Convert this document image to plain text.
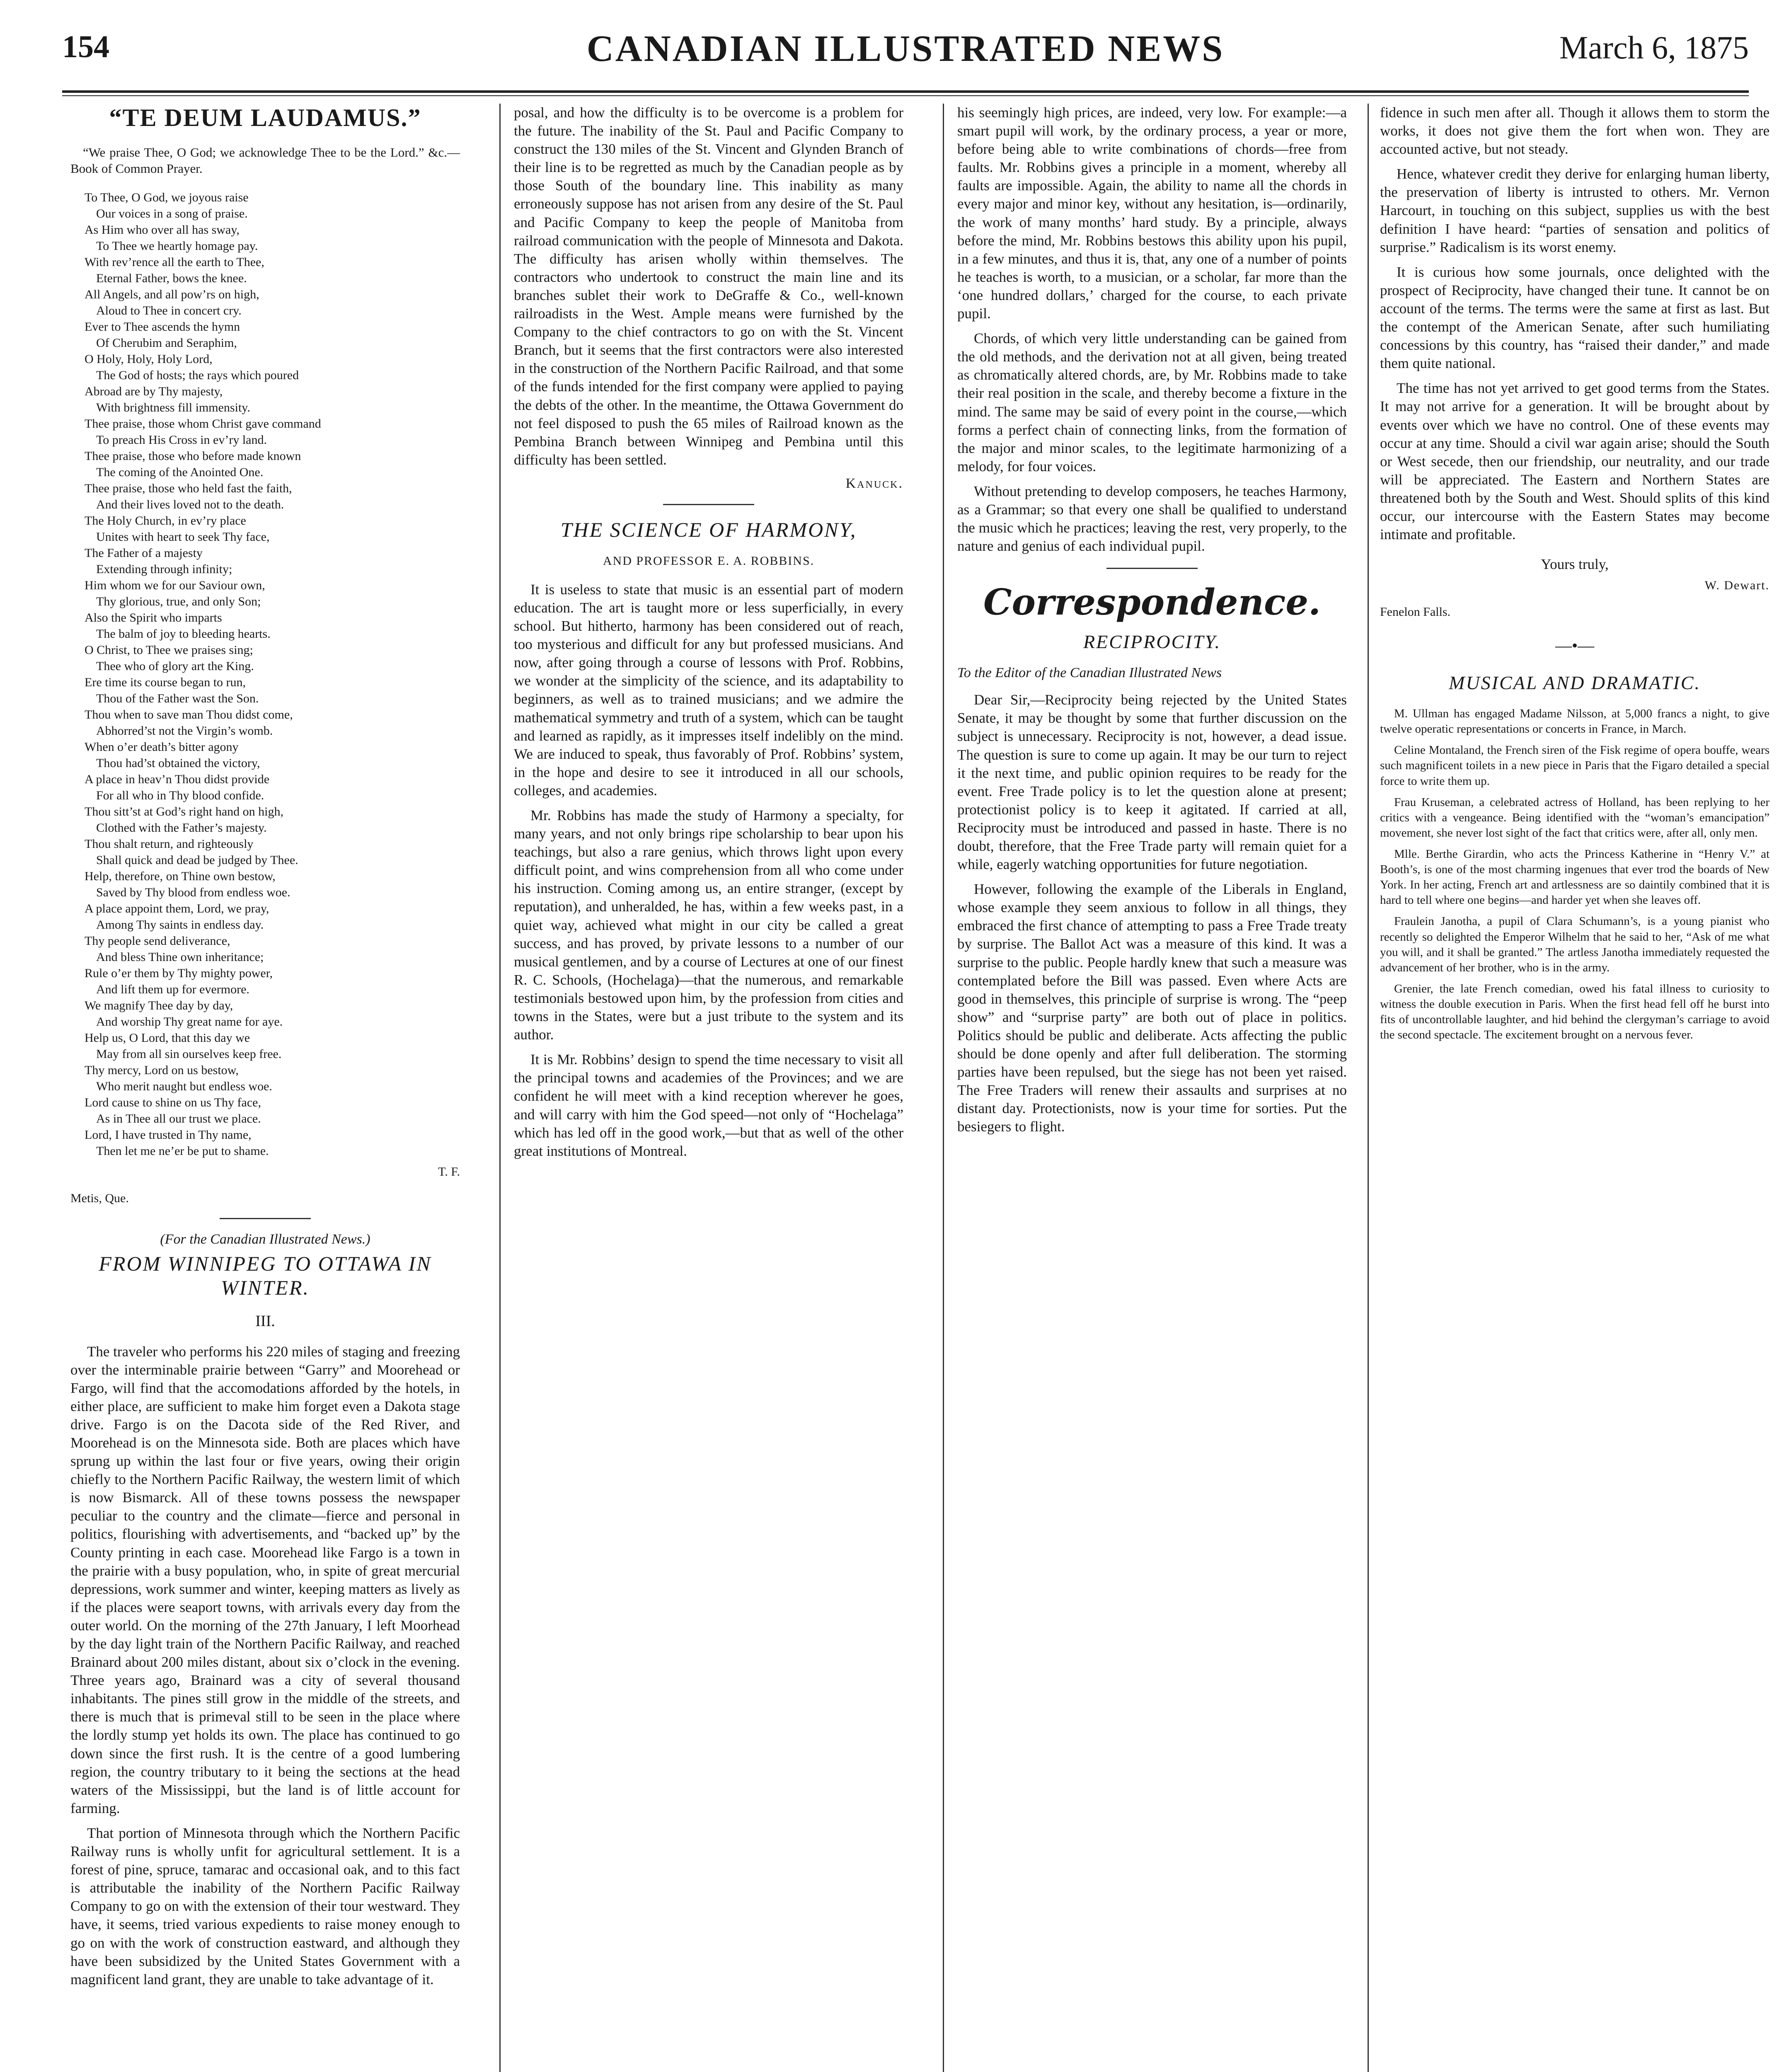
154	CANADIAN ILLUSTRATED NEWS	March 6, 1875
“TE DEUM LAUDAMUS.”
“We praise Thee, O God; we acknowledge Thee to be the Lord.” &c.—Book of Common Prayer.
To Thee, O God, we joyous raise
Our voices in a song of praise.
As Him who over all has sway,
To Thee we heartly homage pay.
With rev’rence all the earth to Thee,
Eternal Father, bows the knee.
All Angels, and all pow’rs on high,
Aloud to Thee in concert cry.
Ever to Thee ascends the hymn
Of Cherubim and Seraphim,
O Holy, Holy, Holy Lord,
The God of hosts; the rays which poured
Abroad are by Thy majesty,
With brightness fill immensity.
Thee praise, those whom Christ gave command
To preach His Cross in ev’ry land.
Thee praise, those who before made known
The coming of the Anointed One.
Thee praise, those who held fast the faith,
And their lives loved not to the death.
The Holy Church, in ev’ry place
Unites with heart to seek Thy face,
The Father of a majesty
Extending through infinity;
Him whom we for our Saviour own,
Thy glorious, true, and only Son;
Also the Spirit who imparts
The balm of joy to bleeding hearts.
O Christ, to Thee we praises sing;
Thee who of glory art the King.
Ere time its course began to run,
Thou of the Father wast the Son.
Thou when to save man Thou didst come,
Abhorred’st not the Virgin’s womb.
When o’er death’s bitter agony
Thou had’st obtained the victory,
A place in heav’n Thou didst provide
For all who in Thy blood confide.
Thou sitt’st at God’s right hand on high,
Clothed with the Father’s majesty.
Thou shalt return, and righteously
Shall quick and dead be judged by Thee.
Help, therefore, on Thine own bestow,
Saved by Thy blood from endless woe.
A place appoint them, Lord, we pray,
Among Thy saints in endless day.
Thy people send deliverance,
And bless Thine own inheritance;
Rule o’er them by Thy mighty power,
And lift them up for evermore.
We magnify Thee day by day,
And worship Thy great name for aye.
Help us, O Lord, that this day we
May from all sin ourselves keep free.
Thy mercy, Lord on us bestow,
Who merit naught but endless woe.
Lord cause to shine on us Thy face,
As in Thee all our trust we place.
Lord, I have trusted in Thy name,
Then let me ne’er be put to shame.
T. F.
Metis, Que.
(For the Canadian Illustrated News.)
FROM WINNIPEG TO OTTAWA IN WINTER.
III.

The traveler who performs his 220 miles of staging and freezing over the interminable prairie between “Garry” and Moorehead or Fargo, will find that the accomodations afforded by the hotels, in either place, are sufficient to make him forget even a Dakota stage drive. Fargo is on the Dacota side of the Red River, and Moorehead is on the Minnesota side. Both are places which have sprung up within the last four or five years, owing their origin chiefly to the Northern Pacific Railway, the western limit of which is now Bismarck. All of these towns possess the newspaper peculiar to the country and the climate—fierce and personal in politics, flourishing with advertisements, and “backed up” by the County printing in each case. Moorehead like Fargo is a town in the prairie with a busy population, who, in spite of great mercurial depressions, work summer and winter, keeping matters as lively as if the places were seaport towns, with arrivals every day from the outer world. On the morning of the 27th January, I left Moorhead by the day light train of the Northern Pacific Railway, and reached Brainard about 200 miles distant, about six o’clock in the evening. Three years ago, Brainard was a city of several thousand inhabitants. The pines still grow in the middle of the streets, and there is much that is primeval still to be seen in the place where the lordly stump yet holds its own. The place has continued to go down since the first rush. It is the centre of a good lumbering region, the country tributary to it being the sections at the head waters of the Mississippi, but the land is of little account for farming.

That portion of Minnesota through which the Northern Pacific Railway runs is wholly unfit for agricultural settlement. It is a forest of pine, spruce, tamarac and occasional oak, and to this fact is attributable the inability of the Northern Pacific Railway Company to go on with the extension of their tour westward. They have, it seems, tried various expedients to raise money enough to go on with the work of construction eastward, and although they have been subsidized by the United States Government with a magnificent land grant, they are unable to take advantage of it.

posal, and how the difficulty is to be overcome is a problem for the future. The inability of the St. Paul and Pacific Company to construct the 130 miles of the St. Vincent and Glynden Branch of their line is to be regretted as much by the Canadian people as by those South of the boundary line. This inability as many erroneously suppose has not arisen from any desire of the St. Paul and Pacific Company to keep the people of Manitoba from railroad communication with the people of Minnesota and Dakota. The difficulty has arisen wholly within themselves. The contractors who undertook to construct the main line and its branches sublet their work to DeGraffe & Co., well-known railroadists in the West. Ample means were furnished by the Company to the chief contractors to go on with the St. Vincent Branch, but it seems that the first contractors were also interested in the construction of the Northern Pacific Railroad, and that some of the funds intended for the first company were applied to paying the debts of the other. In the meantime, the Ottawa Government do not feel disposed to push the 65 miles of Railroad known as the Pembina Branch between Winnipeg and Pembina until this difficulty has been settled.

Kanuck.
THE SCIENCE OF HARMONY,
AND PROFESSOR E. A. ROBBINS.

It is useless to state that music is an essential part of modern education. The art is taught more or less superficially, in every school. But hitherto, harmony has been considered out of reach, too mysterious and difficult for any but professed musicians. And now, after going through a course of lessons with Prof. Robbins, we wonder at the simplicity of the science, and its adaptability to beginners, as well as to trained musicians; and we admire the mathematical symmetry and truth of a system, which can be taught and learned as rapidly, as it impresses itself indelibly on the mind. We are induced to speak, thus favorably of Prof. Robbins’ system, in the hope and desire to see it introduced in all our schools, colleges, and academies.

Mr. Robbins has made the study of Harmony a specialty, for many years, and not only brings ripe scholarship to bear upon his teachings, but also a rare genius, which throws light upon every difficult point, and wins comprehension from all who come under his instruction. Coming among us, an entire stranger, (except by reputation), and unheralded, he has, within a few weeks past, in a quiet way, achieved what might in our city be called a great success, and has proved, by private lessons to a number of our musical gentlemen, and by a course of Lectures at one of our finest R. C. Schools, (Hochelaga)—that the numerous, and remarkable testimonials bestowed upon him, by the profession from cities and towns in the States, were but a just tribute to the system and its author.

It is Mr. Robbins’ design to spend the time necessary to visit all the principal towns and academies of the Provinces; and we are confident he will meet with a kind reception wherever he goes, and will carry with him the God speed—not only of “Hochelaga” which has led off in the good work,—but that as well of the other great institutions of Montreal.

his seemingly high prices, are indeed, very low. For example:—a smart pupil will work, by the ordinary process, a year or more, before being able to write combinations of chords—free from faults. Mr. Robbins gives a principle in a moment, whereby all faults are impossible. Again, the ability to name all the chords in every major and minor key, without any hesitation, is—ordinarily, the work of many months’ hard study. By a principle, always before the mind, Mr. Robbins bestows this ability upon his pupil, in a few minutes, and thus it is, that, any one of a number of points he teaches is worth, to a musician, or a scholar, far more than the ‘one hundred dollars,’ charged for the course, to each private pupil.

Chords, of which very little understanding can be gained from the old methods, and the derivation not at all given, being treated as chromatically altered chords, are, by Mr. Robbins made to take their real position in the scale, and thereby become a fixture in the mind. The same may be said of every point in the course,—which forms a perfect chain of connecting links, from the formation of the major and minor scales, to the legitimate harmonizing of a melody, for four voices.

Without pretending to develop composers, he teaches Harmony, as a Grammar; so that every one shall be qualified to understand the music which he practices; leaving the rest, very properly, to the nature and genius of each individual pupil.

Correspondence.
RECIPROCITY.
To the Editor of the Canadian Illustrated News

Dear Sir,—Reciprocity being rejected by the United States Senate, it may be thought by some that further discussion on the subject is unnecessary. Reciprocity is not, however, a dead issue. The question is sure to come up again. It may be our turn to reject it the next time, and public opinion requires to be ready for the event. Free Trade policy is to let the question alone at present; protectionist policy is to keep it agitated. If carried at all, Reciprocity must be introduced and passed in haste. There is no doubt, therefore, that the Free Trade party will remain quiet for a while, eagerly watching opportunities for future negotiation.

However, following the example of the Liberals in England, whose example they seem anxious to follow in all things, they embraced the first chance of attempting to pass a Free Trade treaty by surprise. The Ballot Act was a measure of this kind. It was a surprise to the public. People hardly knew that such a measure was contemplated before the Bill was passed. Even where Acts are good in themselves, this principle of surprise is wrong. The “peep show” and “surprise party” are both out of place in politics. Politics should be public and deliberate. Acts affecting the public should be done openly and after full deliberation. The storming parties have been repulsed, but the siege has not been yet raised. The Free Traders will renew their assaults and surprises at no distant day. Protectionists, now is your time for sorties. Put the besiegers to flight.

fidence in such men after all. Though it allows them to storm the works, it does not give them the fort when won. They are accounted active, but not steady.

Hence, whatever credit they derive for enlarging human liberty, the preservation of liberty is intrusted to others. Mr. Vernon Harcourt, in touching on this subject, supplies us with the best definition I have heard: “parties of sensation and politics of surprise.” Radicalism is its worst enemy.

It is curious how some journals, once delighted with the prospect of Reciprocity, have changed their tune. It cannot be on account of the terms. The terms were the same at first as last. But the contempt of the American Senate, after such humiliating concessions by this country, has “raised their dander,” and made them quite national.

The time has not yet arrived to get good terms from the States. It may not arrive for a generation. It will be brought about by events over which we have no control. One of these events may occur at any time. Should a civil war again arise; should the South or West secede, then our friendship, our neutrality, and our trade will be appreciated. The Eastern and Northern States are threatened both by the South and West. Should splits of this kind occur, our intercourse with the Eastern States may become intimate and profitable.

Yours truly,
W. Dewart.
Fenelon Falls.
—•—
MUSICAL AND DRAMATIC.

M. Ullman has engaged Madame Nilsson, at 5,000 francs a night, to give twelve operatic representations or concerts in France, in March.

Celine Montaland, the French siren of the Fisk regime of opera bouffe, wears such magnificent toilets in a new piece in Paris that the Figaro detailed a special force to write them up.

Frau Kruseman, a celebrated actress of Holland, has been replying to her critics with a vengeance. Being identified with the “woman’s emancipation” movement, she never lost sight of the fact that critics were, after all, only men.

Mlle. Berthe Girardin, who acts the Princess Katherine in “Henry V.” at Booth’s, is one of the most charming ingenues that ever trod the boards of New York. In her acting, French art and artlessness are so daintily combined that it is hard to tell where one begins—and harder yet when she leaves off.

Fraulein Janotha, a pupil of Clara Schumann’s, is a young pianist who recently so delighted the Emperor Wilhelm that he said to her, “Ask of me what you will, and it shall be granted.” The artless Janotha immediately requested the advancement of her brother, who is in the army.

Grenier, the late French comedian, owed his fatal illness to curiosity to witness the double execution in Paris. When the first head fell off he burst into fits of uncontrollable laughter, and hid behind the clergyman’s carriage to avoid the second spectacle. The excitement brought on a nervous fever.
